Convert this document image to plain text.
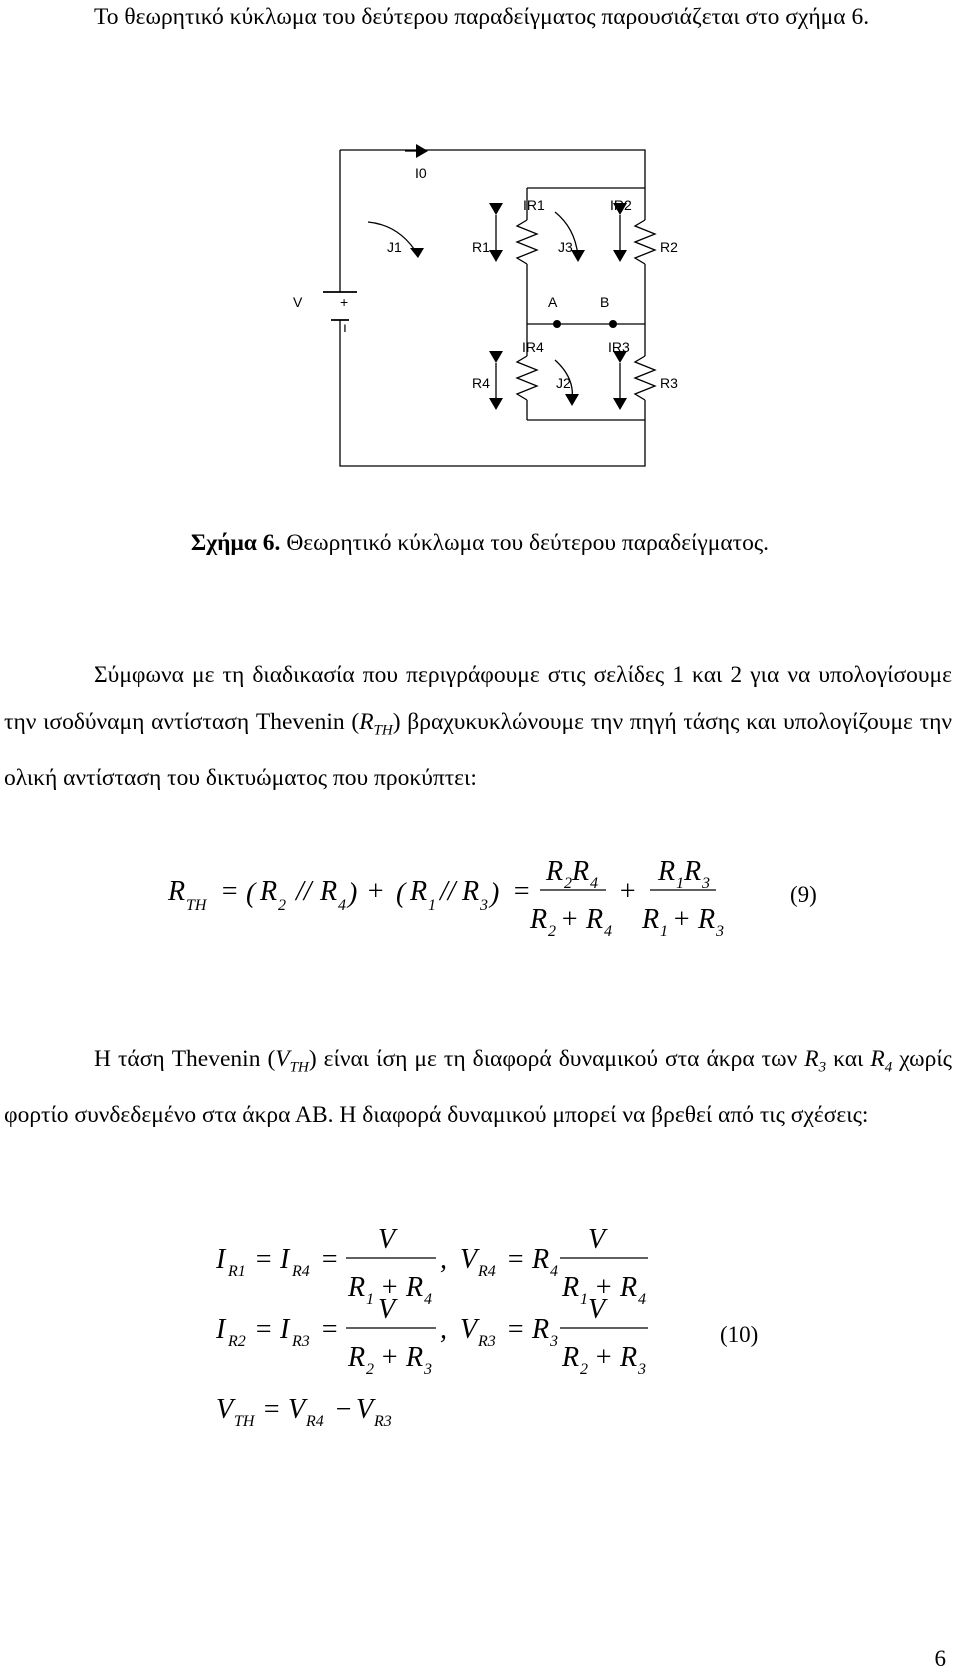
Το θεωρητικό κύκλωμα του δεύτερου παραδείγματος παρουσιάζεται στο σχήμα 6.
I0
J1	R1
IR1
J3
IR2
R2
V	+
ı
A	B
IR4	IR3
R4	J2	R3
Σχήμα 6. Θεωρητικό κύκλωμα του δεύτερου παραδείγματος.
Σύμφωνα με τη διαδικασία που περιγράφουμε στις σελίδες 1 και 2 για να υπολογίσουμε την ισοδύναμη αντίσταση Thevenin $(R_{TH})$ βραχυκυκλώνουμε την πηγή τάσης και υπολογίζουμε την ολική αντίσταση του δικτυώματος που προκύπτει:
R TH = ( R 2 // R 4 ) + ( R 1 // R 3 ) =
R 2 R 4
R 2 + R 4
+
R 1 R 3
R 1 + R 3
(9)
Η τάση Thevenin $(V_{TH})$ είναι ίση με τη διαφορά δυναμικού στα άκρα των $R_3$ και $R_4$ χωρίς φορτίο συνδεδεμένο στα άκρα ΑΒ. Η διαφορά δυναμικού μπορεί να βρεθεί από τις σχέσεις:
I R1 = I R4 =
V
R 1 + R 4
, V R4 = R 4
V
R 1 + R 4
I R2 = I R3 =
V
R 2 + R 3
, V R3 = R 3
V
R 2 + R 3
V TH = V R4 − V R3
(10)
6
